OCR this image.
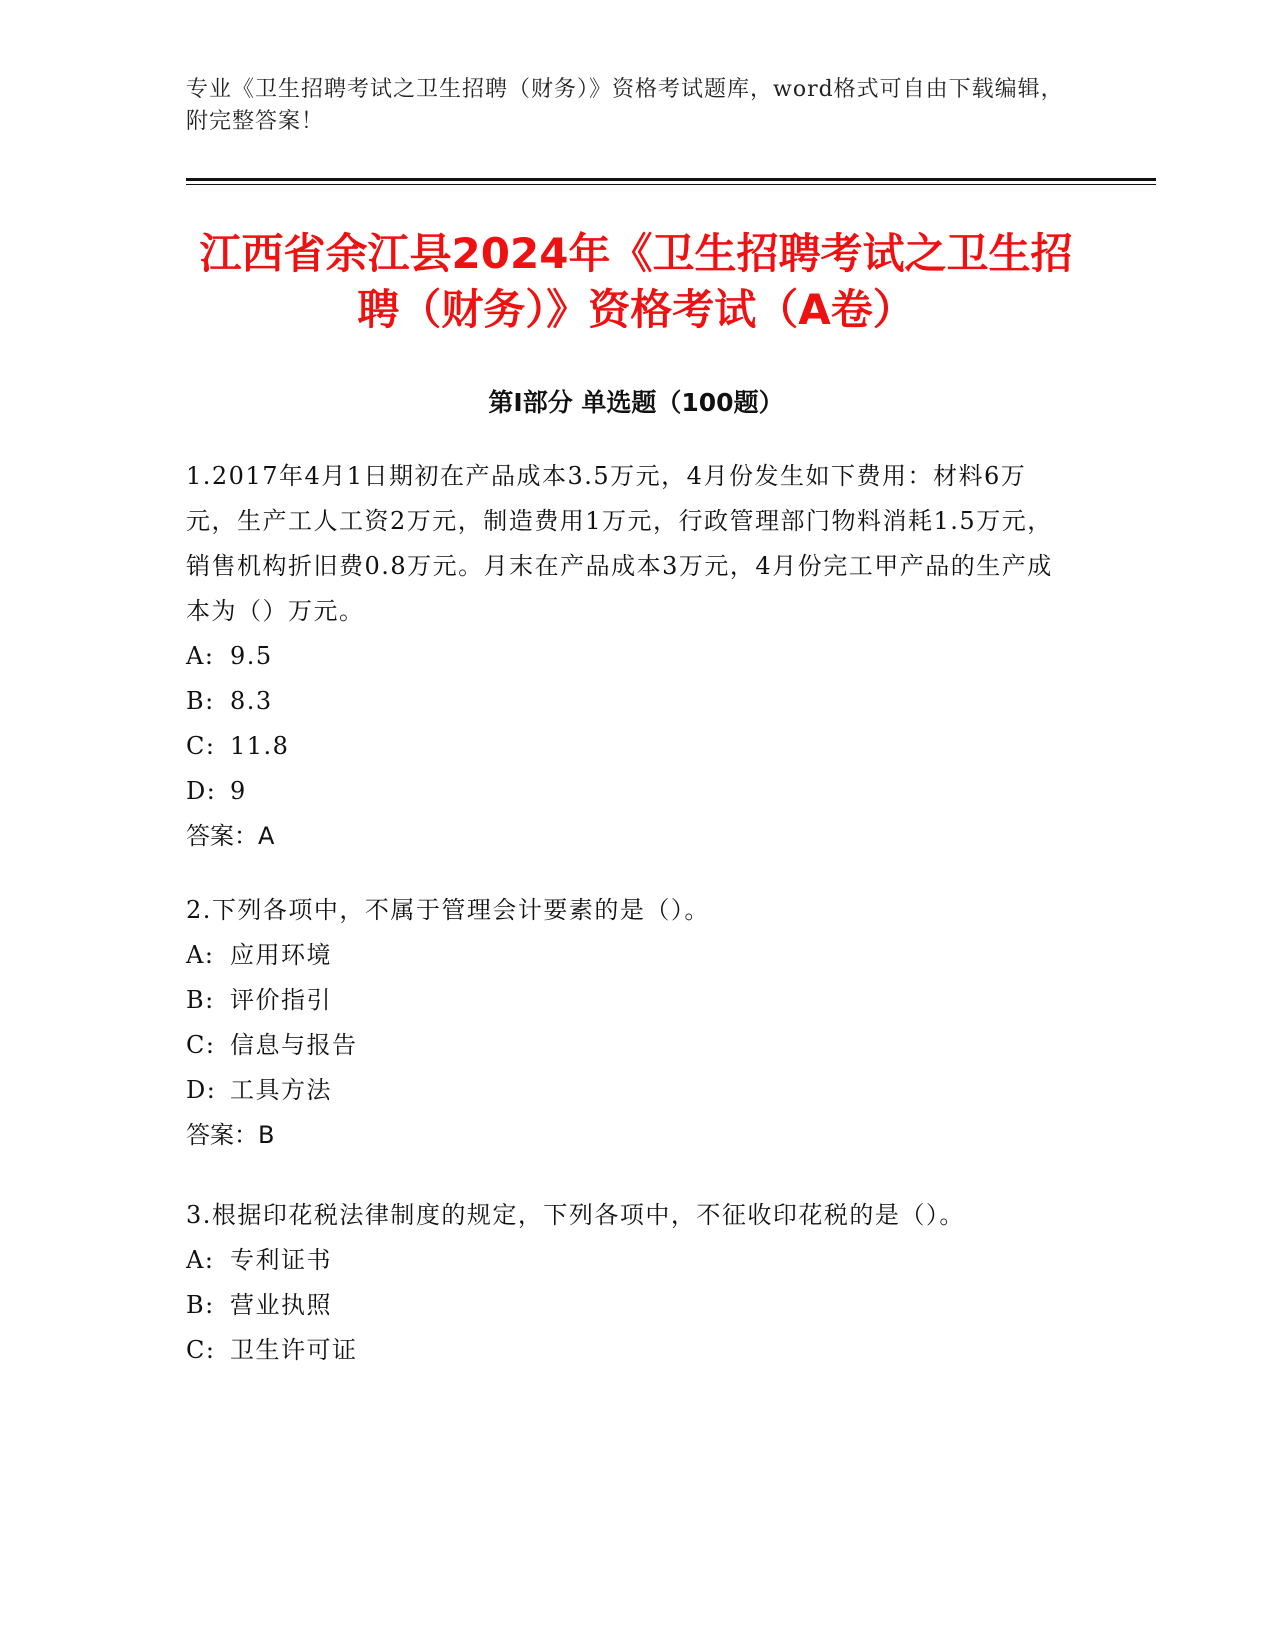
专业《卫生招聘考试之卫生招聘（财务）》资格考试题库，word格式可自由下载编辑，附完整答案！
江西省余江县2024年《卫生招聘考试之卫生招聘（财务）》资格考试（A卷）
第Ⅰ部分 单选题（100题）

1.2017年4月1日期初在产品成本3.5万元，4月份发生如下费用：材料6万元，生产工人工资2万元，制造费用1万元，行政管理部门物料消耗1.5万元，销售机构折旧费0.8万元。月末在产品成本3万元，4月份完工甲产品的生产成本为（）万元。

A: 9.5

B: 8.3

C: 11.8

D: 9

答案：A

2.下列各项中，不属于管理会计要素的是（）。

A: 应用环境

B: 评价指引

C: 信息与报告

D: 工具方法

答案：B

3.根据印花税法律制度的规定，下列各项中，不征收印花税的是（）。

A: 专利证书

B: 营业执照

C: 卫生许可证
